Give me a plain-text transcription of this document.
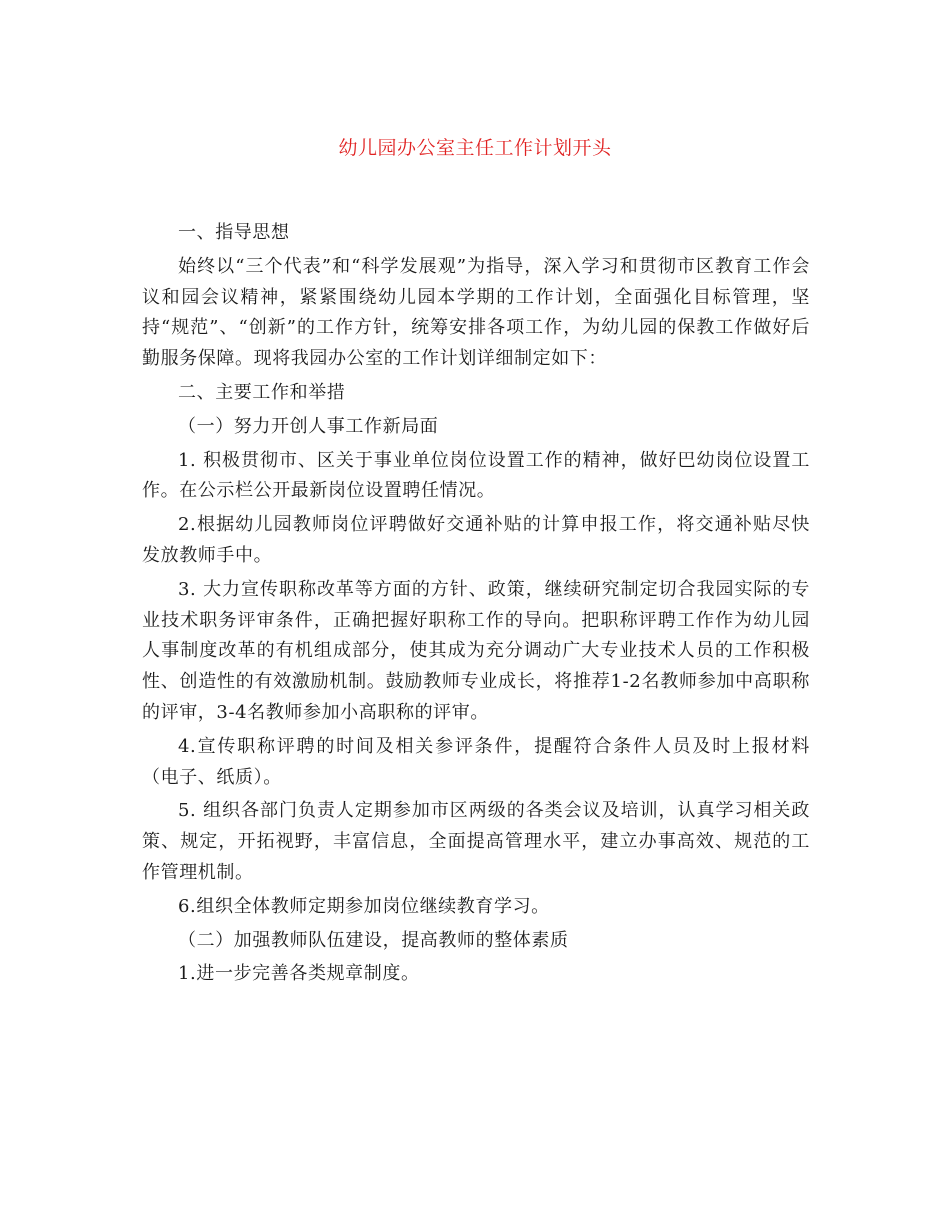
幼儿园办公室主任工作计划开头

一、指导思想

始终以“三个代表”和“科学发展观”为指导，深入学习和贯彻市区教育工作会议和园会议精神，紧紧围绕幼儿园本学期的工作计划，全面强化目标管理，坚持“规范”、“创新”的工作方针，统筹安排各项工作，为幼儿园的保教工作做好后勤服务保障。现将我园办公室的工作计划详细制定如下：

二、主要工作和举措

（一）努力开创人事工作新局面

1. 积极贯彻市、区关于事业单位岗位设置工作的精神，做好巴幼岗位设置工作。在公示栏公开最新岗位设置聘任情况。

2.根据幼儿园教师岗位评聘做好交通补贴的计算申报工作，将交通补贴尽快发放教师手中。

3. 大力宣传职称改革等方面的方针、政策，继续研究制定切合我园实际的专业技术职务评审条件，正确把握好职称工作的导向。把职称评聘工作作为幼儿园人事制度改革的有机组成部分，使其成为充分调动广大专业技术人员的工作积极性、创造性的有效激励机制。鼓励教师专业成长，将推荐1-2名教师参加中高职称的评审，3-4名教师参加小高职称的评审。

4.宣传职称评聘的时间及相关参评条件，提醒符合条件人员及时上报材料（电子、纸质）。

5. 组织各部门负责人定期参加市区两级的各类会议及培训，认真学习相关政策、规定，开拓视野，丰富信息，全面提高管理水平，建立办事高效、规范的工作管理机制。

6.组织全体教师定期参加岗位继续教育学习。

（二）加强教师队伍建设，提高教师的整体素质

1.进一步完善各类规章制度。
